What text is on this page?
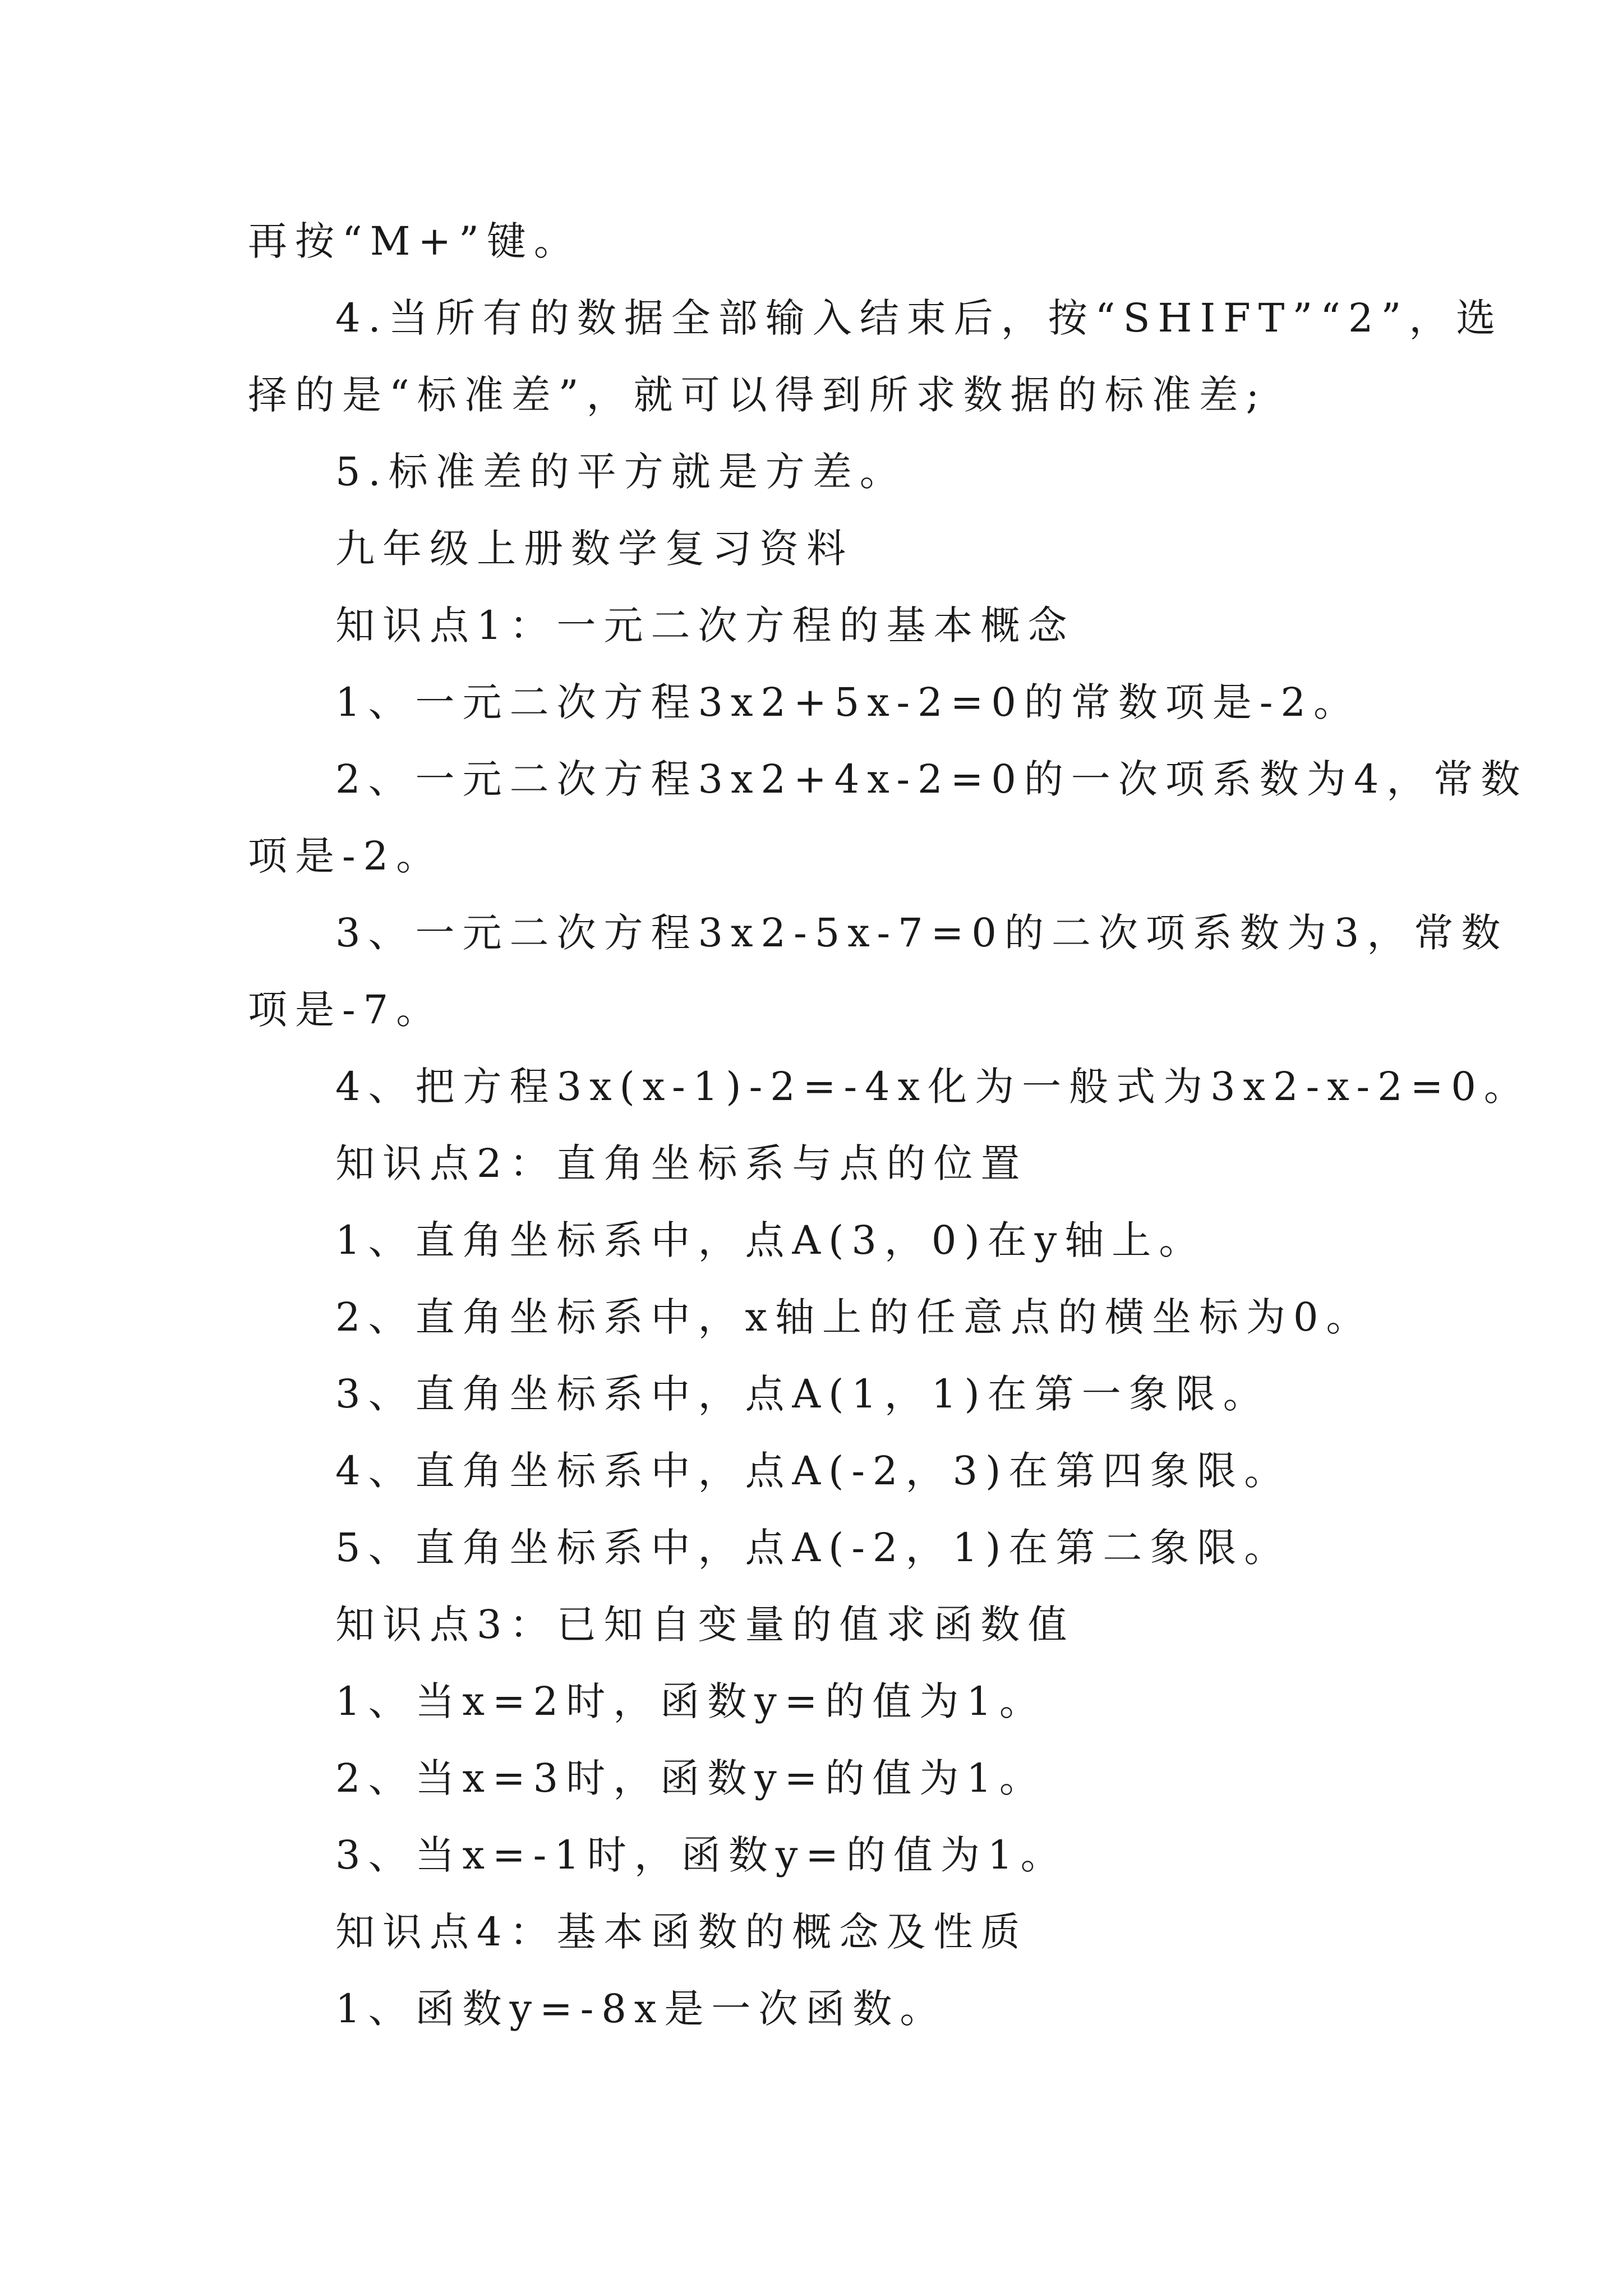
再按“M+”键。
4.当所有的数据全部输入结束后，按“SHIFT”“2”，选
择的是“标准差”，就可以得到所求数据的标准差;
5.标准差的平方就是方差。
九年级上册数学复习资料
知识点1：一元二次方程的基本概念
1、一元二次方程3x2+5x-2=0的常数项是-2。
2、一元二次方程3x2+4x-2=0的一次项系数为4，常数
项是-2。
3、一元二次方程3x2-5x-7=0的二次项系数为3，常数
项是-7。
4、把方程3x(x-1)-2=-4x化为一般式为3x2-x-2=0。
知识点2：直角坐标系与点的位置
1、直角坐标系中，点A(3，0)在y轴上。
2、直角坐标系中，x轴上的任意点的横坐标为0。
3、直角坐标系中，点A(1，1)在第一象限。
4、直角坐标系中，点A(-2，3)在第四象限。
5、直角坐标系中，点A(-2，1)在第二象限。
知识点3：已知自变量的值求函数值
1、当x=2时，函数y=的值为1。
2、当x=3时，函数y=的值为1。
3、当x=-1时，函数y=的值为1。
知识点4：基本函数的概念及性质
1、函数y=-8x是一次函数。
